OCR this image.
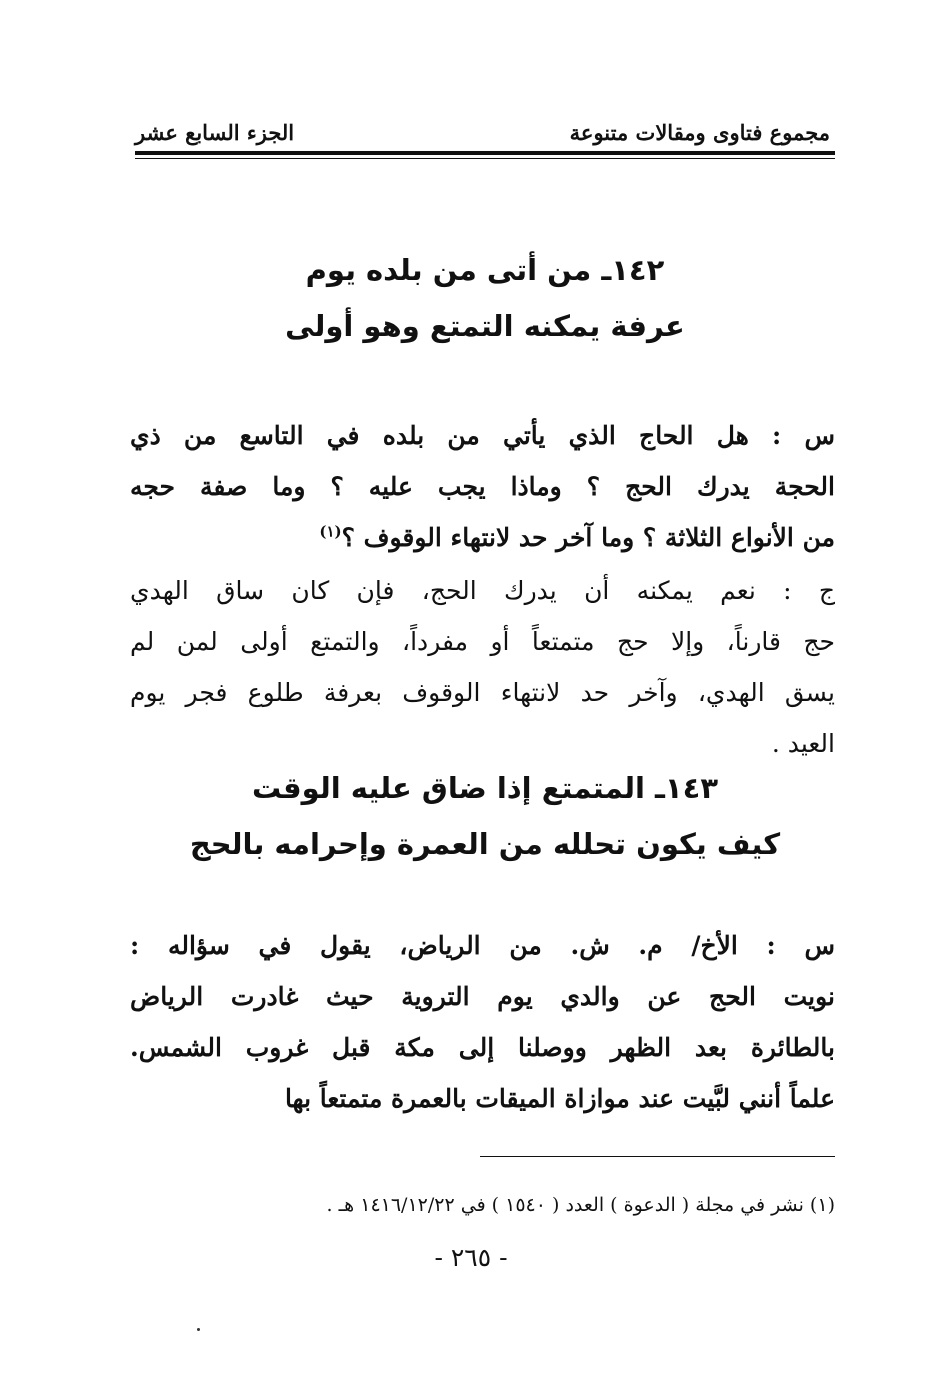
مجموع فتاوى ومقالات متنوعة
الجزء السابع عشر
١٤٢ـ من أتى من بلده يوم
عرفة يمكنه التمتع وهو أولى

س : هل الحاج الذي يأتي من بلده في التاسع من ذي
الحجة يدرك الحج ؟ وماذا يجب عليه ؟ وما صفة حجه
من الأنواع الثلاثة ؟ وما آخر حد لانتهاء الوقوف ؟$^{(١)}$

ج : نعم يمكنه أن يدرك الحج، فإن كان ساق الهدي
حج قارناً، وإلا حج متمتعاً أو مفرداً، والتمتع أولى لمن لم
يسق الهدي، وآخر حد لانتهاء الوقوف بعرفة طلوع فجر يوم
العيد .

١٤٣ـ المتمتع إذا ضاق عليه الوقت
كيف يكون تحلله من العمرة وإحرامه بالحج

س : الأخ/ م. ش. من الرياض، يقول في سؤاله :
نويت الحج عن والدي يوم التروية حيث غادرت الرياض
بالطائرة بعد الظهر ووصلنا إلى مكة قبل غروب الشمس.
علماً أنني لبَّيت عند موازاة الميقات بالعمرة متمتعاً بها

(١) نشر في مجلة ( الدعوة ) العدد ( ١٥٤٠ ) في ١٤١٦/١٢/٢٢ هـ .
- ٢٦٥ -
